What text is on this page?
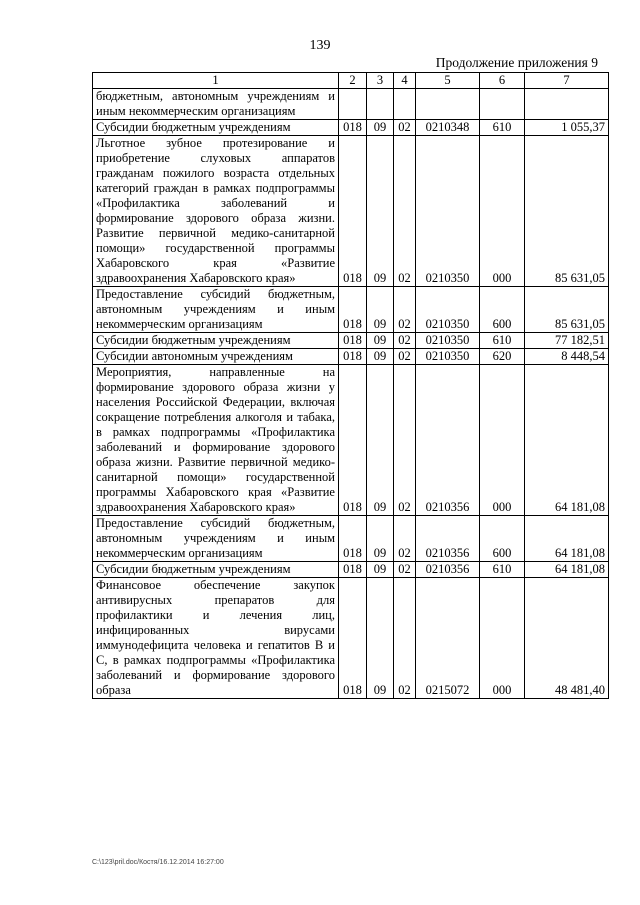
139
Продолжение приложения 9
1	2	3	4	5	6	7
бюджетным, автономным учреждениям и иным некоммерческим организациям						
Субсидии бюджетным учреждениям	018	09	02	0210348	610	1 055,37
Льготное зубное протезирование и приобретение слуховых аппаратов гражданам пожилого возраста отдельных категорий граждан в рамках подпрограммы «Профилактика заболеваний и формирование здорового образа жизни. Развитие первичной медико-санитарной помощи» государственной программы Хабаровского края «Развитие здравоохранения Хабаровского края»	018	09	02	0210350	000	85 631,05
Предоставление субсидий бюджетным, автономным учреждениям и иным некоммерческим организациям	018	09	02	0210350	600	85 631,05
Субсидии бюджетным учреждениям	018	09	02	0210350	610	77 182,51
Субсидии автономным учреждениям	018	09	02	0210350	620	8 448,54
Мероприятия, направленные на формирование здорового образа жизни у населения Российской Федерации, включая сокращение потребления алкоголя и табака, в рамках подпрограммы «Профилактика заболеваний и формирование здорового образа жизни. Развитие первичной медико-санитарной помощи» государственной программы Хабаровского края «Развитие здравоохранения Хабаровского края»	018	09	02	0210356	000	64 181,08
Предоставление субсидий бюджетным, автономным учреждениям и иным некоммерческим организациям	018	09	02	0210356	600	64 181,08
Субсидии бюджетным учреждениям	018	09	02	0210356	610	64 181,08
Финансовое обеспечение закупок антивирусных препаратов для профилактики и лечения лиц, инфицированных вирусами иммунодефицита человека и гепатитов В и С, в рамках подпрограммы «Профилактика заболеваний и формирование здорового образа	018	09	02	0215072	000	48 481,40
C:\123\pril.doc/Костя/16.12.2014 16:27:00
